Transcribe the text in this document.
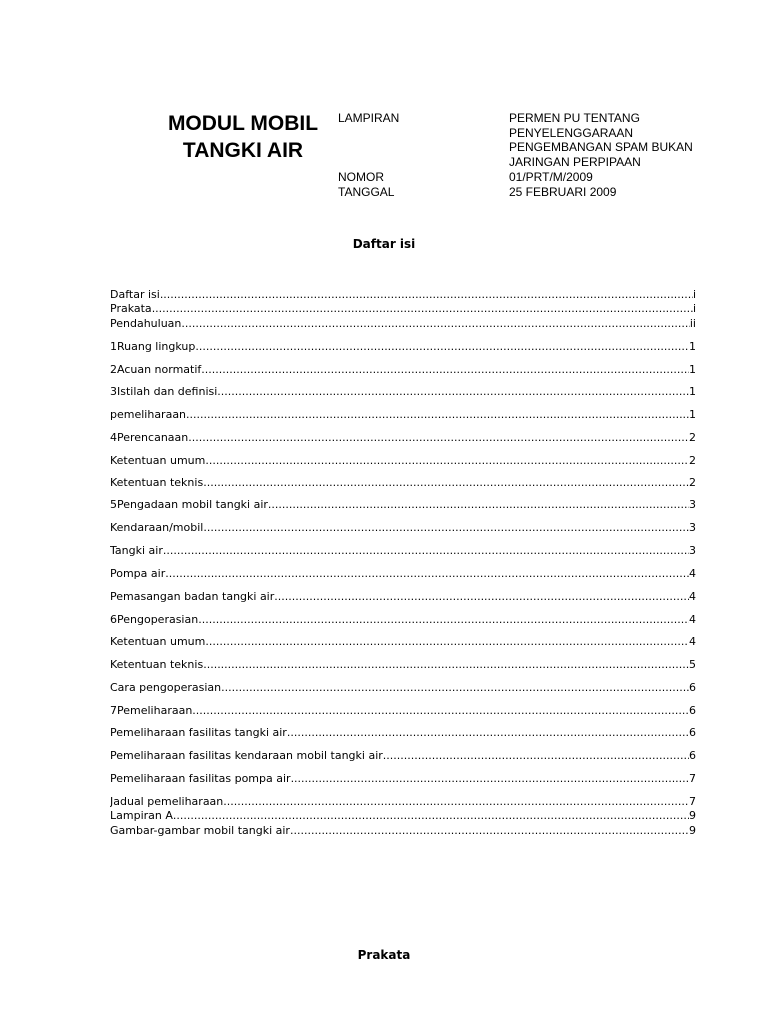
MODUL MOBIL
TANGKI AIR
LAMPIRAN	PERMEN PU TENTANG
PENYELENGGARAAN
PENGEMBANGAN SPAM BUKAN
JARINGAN PERPIPAAN
NOMOR	01/PRT/M/2009
TANGGAL	25 FEBRUARI 2009
Daftar isi
Daftar isi .....	i
Prakata .....	i
Pendahuluan .....	ii
1Ruang lingkup .....	1
2Acuan normatif .....	1
3Istilah dan definisi .....	1
pemeliharaan .....	1
4Perencanaan .....	2
Ketentuan umum .....	2
Ketentuan teknis .....	2
5Pengadaan mobil tangki air .....	3
Kendaraan/mobil .....	3
Tangki air .....	3
Pompa air .....	4
Pemasangan badan tangki air .....	4
6Pengoperasian .....	4
Ketentuan umum .....	4
Ketentuan teknis .....	5
Cara pengoperasian .....	6
7Pemeliharaan .....	6
Pemeliharaan fasilitas tangki air .....	6
Pemeliharaan fasilitas kendaraan mobil tangki air .....	6
Pemeliharaan fasilitas pompa air .....	7
Jadual pemeliharaan .....	7
Lampiran A .....	9
Gambar-gambar mobil tangki air .....	9
Prakata
